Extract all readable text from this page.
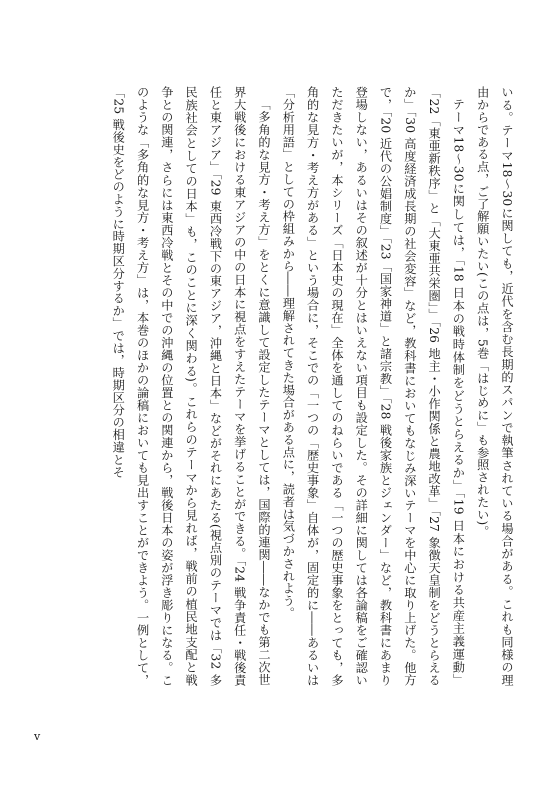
いる。テーマ18～30に関しても，近代を含む長期的スパンで執筆されている場合がある。これも同様の理由からである点，ご了解願いたい(この点は，5巻「はじめに」も参照されたい)。

テーマ18～30に関しては，「18 日本の戦時体制をどうとらえるか」「19 日本における共産主義運動」「22「東亜新秩序」と「大東亜共栄圏」」「26 地主・小作関係と農地改革」「27 象徴天皇制をどうとらえるか」「30 高度経済成長期の社会変容」など，教科書においてもなじみ深いテーマを中心に取り上げた。他方で，「20 近代の公娼制度」「23「国家神道」と諸宗教」「28 戦後家族とジェンダー」など，教科書にあまり登場しない，あるいはその叙述が十分とはいえない項目も設定した。その詳細に関しては各論稿をご確認いただきたいが，本シリーズ「日本史の現在」全体を通してのねらいである「一つの歴史事象をとっても，多角的な見方・考え方がある」という場合に，そこでの「一つの「歴史事象」自体が，固定的に――あるいは「分析用語」としての枠組みから――理解されてきた場合がある点に，読者は気づかされよう。

「多角的な見方・考え方」をとくに意識して設定したテーマとしては，国際的連関――なかでも第二次世界大戦後における東アジアの中の日本に視点をすえたテーマを挙げることができる。「24 戦争責任・戦後責任と東アジア」「29 東西冷戦下の東アジア，沖縄と日本」などがそれにあたる(視点別のテーマでは「32 多民族社会としての日本」も，このことに深く関わる)。これらのテーマから見れば，戦前の植民地支配と戦争との関連，さらには東西冷戦とその中での沖縄の位置との関連から，戦後日本の姿が浮き彫りになる。このような「多角的な見方・考え方」は，本巻のほかの論稿においても見出すことができよう。一例として，「25 戦後史をどのように時期区分するか」では，時期区分の相違とそ

v
